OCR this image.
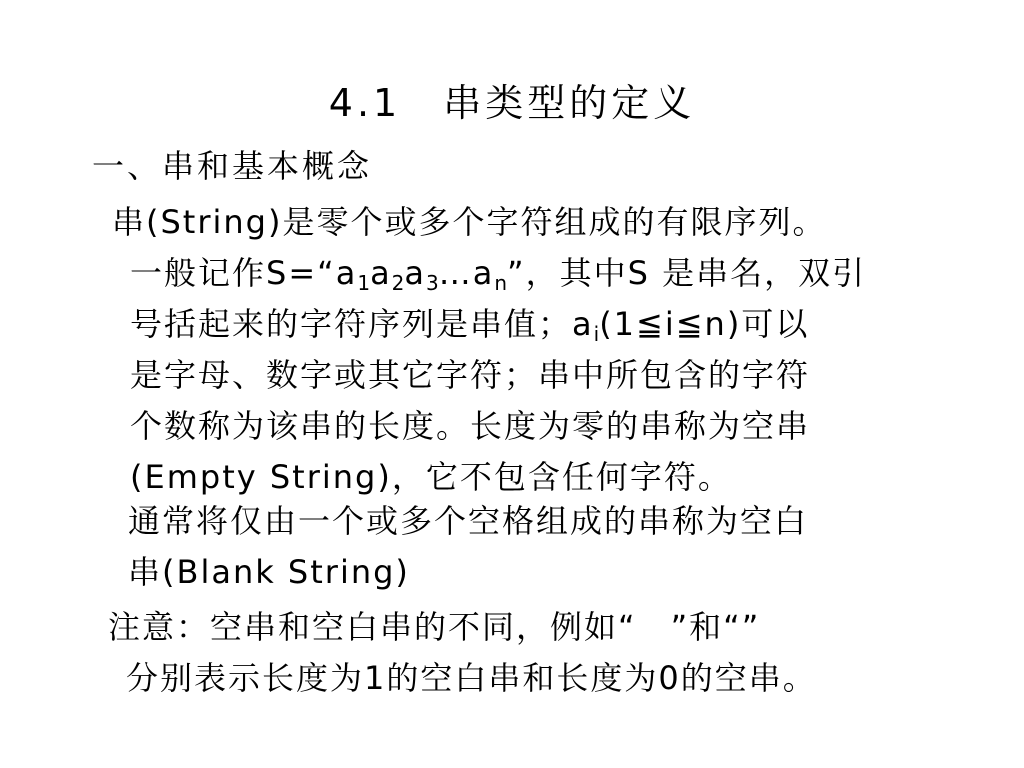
4.1　串类型的定义
一、串和基本概念
串(String)是零个或多个字符组成的有限序列。
一般记作$S=“a_1a_2a_3\dots a_n$”，其中S 是串名，双引
号括起来的字符序列是串值；$a_i(1≦i≦n)$可以
是字母、数字或其它字符；串中所包含的字符
个数称为该串的长度。长度为零的串称为空串
(Empty String)，它不包含任何字符。
通常将仅由一个或多个空格组成的串称为空白
串(Blank String)
注意：空串和空白串的不同，例如“　”和“”
分别表示长度为1的空白串和长度为0的空串。
